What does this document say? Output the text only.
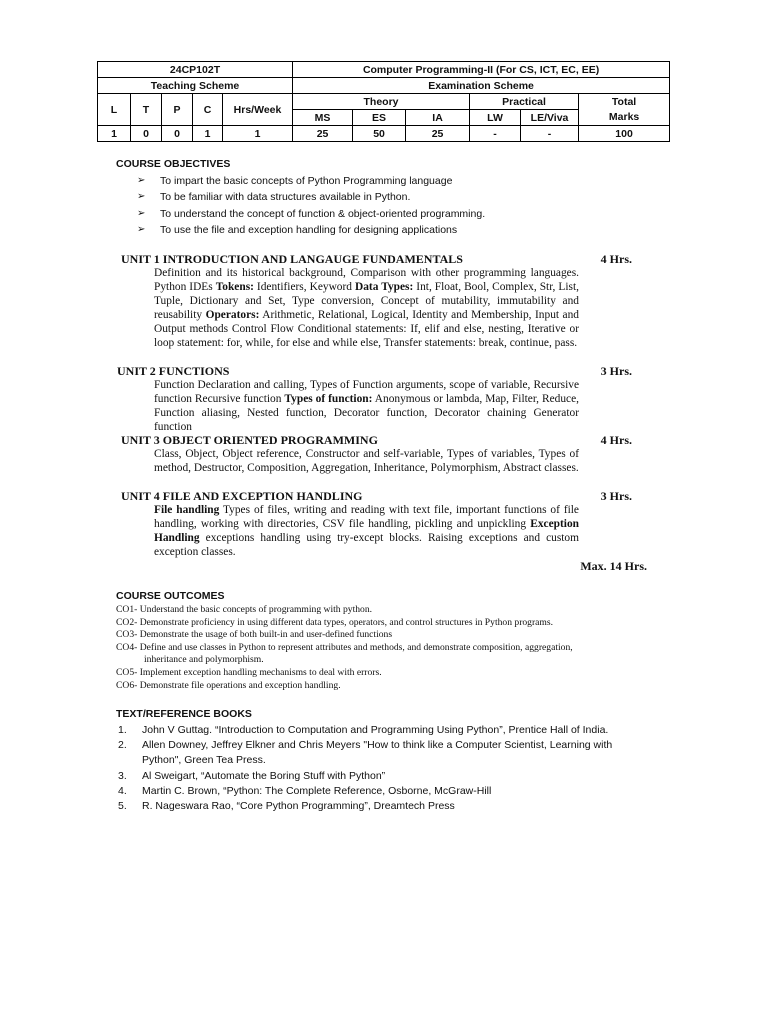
24CP102T					Computer Programming-II (For CS, ICT, EC, EE)					
Teaching Scheme					Examination Scheme					
L	T	P	C	Hrs/Week	Theory			Practical		Total
Marks
					MS	ES	IA	LW	LE/Viva	
1	0	0	1	1	25	50	25	-	-	100
COURSE OBJECTIVES
➢	To impart the basic concepts of Python Programming language
➢	To be familiar with data structures available in Python.
➢	To understand the concept of function & object-oriented programming.
➢	To use the file and exception handling for designing applications
UNIT 1 INTRODUCTION AND LANGAUGE FUNDAMENTALS	4 Hrs.

Definition and its historical background, Comparison with other programming languages. Python IDEs Tokens: Identifiers, Keyword Data Types: Int, Float, Bool, Complex, Str, List, Tuple, Dictionary and Set, Type conversion, Concept of mutability, immutability and reusability Operators: Arithmetic, Relational, Logical, Identity and Membership, Input and Output methods Control Flow Conditional statements: If, elif and else, nesting, Iterative or loop statement: for, while, for else and while else, Transfer statements: break, continue, pass.

UNIT 2 FUNCTIONS	3 Hrs.

Function Declaration and calling, Types of Function arguments, scope of variable, Recursive function Recursive function Types of function: Anonymous or lambda, Map, Filter, Reduce, Function aliasing, Nested function, Decorator function, Decorator chaining Generator function

UNIT 3 OBJECT ORIENTED PROGRAMMING	4 Hrs.

Class, Object, Object reference, Constructor and self-variable, Types of variables, Types of method, Destructor, Composition, Aggregation, Inheritance, Polymorphism, Abstract classes.

UNIT 4 FILE AND EXCEPTION HANDLING	3 Hrs.

File handling Types of files, writing and reading with text file, important functions of file handling, working with directories, CSV file handling, pickling and unpickling Exception Handling exceptions handling using try-except blocks. Raising exceptions and custom exception classes.

Max. 14 Hrs.
COURSE OUTCOMES
CO1- Understand the basic concepts of programming with python.
CO2- Demonstrate proficiency in using different data types, operators, and control structures in Python programs.
CO3- Demonstrate the usage of both built-in and user-defined functions
CO4- Define and use classes in Python to represent attributes and methods, and demonstrate composition, aggregation,
inheritance and polymorphism.
CO5- Implement exception handling mechanisms to deal with errors.
CO6- Demonstrate file operations and exception handling.
TEXT/REFERENCE BOOKS
1.	John V Guttag. “Introduction to Computation and Programming Using Python”, Prentice Hall of India.
2.	Allen Downey, Jeffrey Elkner and Chris Meyers "How to think like a Computer Scientist, Learning with Python", Green Tea Press.
3.	Al Sweigart, “Automate the Boring Stuff with Python”
4.	Martin C. Brown, “Python: The Complete Reference, Osborne, McGraw-Hill
5.	R. Nageswara Rao, “Core Python Programming”, Dreamtech Press
